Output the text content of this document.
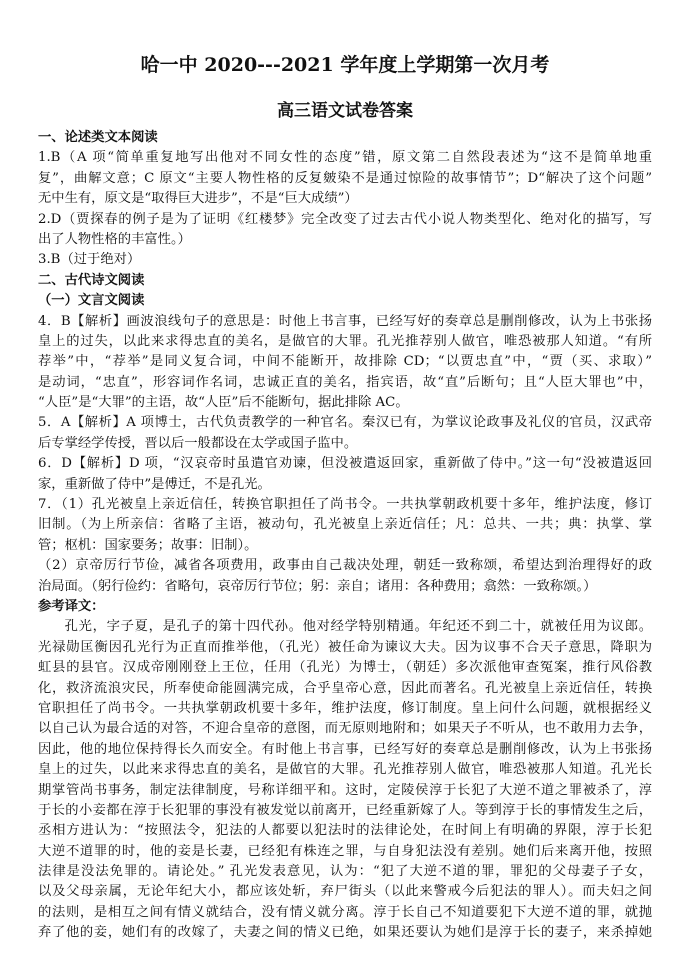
哈一中 2020---2021 学年度上学期第一次月考
高三语文试卷答案
一、论述类文本阅读
1.B（A 项“简单重复地写出他对不同女性的态度”错，原文第二自然段表述为“这不是简单地重
复”，曲解文意；C 原文“主要人物性格的反复皴染不是通过惊险的故事情节”；D“解决了这个问题”
无中生有，原文是“取得巨大进步”，不是“巨大成绩”）
2.D（贾探春的例子是为了证明《红楼梦》完全改变了过去古代小说人物类型化、绝对化的描写，写
出了人物性格的丰富性。）
3.B（过于绝对）
二、古代诗文阅读
（一）文言文阅读
4．B【解析】画波浪线句子的意思是：时他上书言事，已经写好的奏章总是删削修改，认为上书张扬
皇上的过失，以此来求得忠直的美名，是做官的大罪。孔光推荐别人做官，唯恐被那人知道。“有所
荐举”中，“荐举”是同义复合词，中间不能断开，故排除 CD；“以贾忠直”中，“贾（买、求取）”
是动词，“忠直”，形容词作名词，忠诚正直的美名，指宾语，故“直”后断句；且“人臣大罪也”中，
“人臣”是“大罪”的主语，故“人臣”后不能断句，据此排除 AC。
5．A【解析】A 项博士，古代负责教学的一种官名。秦汉已有，为掌议论政事及礼仪的官员，汉武帝
后专掌经学传授，晋以后一般都设在太学或国子监中。
6．D【解析】D 项，“汉哀帝时虽遣官劝谏，但没被遣返回家，重新做了侍中。”这一句“没被遣返回
家，重新做了侍中”是傅迁，不是孔光。
7．（1）孔光被皇上亲近信任，转换官职担任了尚书令。一共执掌朝政机要十多年，维护法度，修订
旧制。（为上所亲信：省略了主语，被动句，孔光被皇上亲近信任；凡：总共、一共；典：执掌、掌
管；枢机：国家要务；故事：旧制）。
（2）京帝厉行节俭，减省各项费用，政事由自己裁决处理，朝廷一致称颂，希望达到治理得好的政
治局面。（躬行俭约：省略句，哀帝厉行节位；躬：亲自；诸用：各种费用；翕然：一致称颂。）
参考译文：
孔光，字子夏，是孔子的第十四代孙。他对经学特别精通。年纪还不到二十，就被任用为议郎。
光禄勋匡衡因孔光行为正直而推举他，（孔光）被任命为谏议大夫。因为议事不合天子意思，降职为
虹县的县官。汉成帝刚刚登上王位，任用（孔光）为博士，（朝廷）多次派他审查冤案，推行风俗教
化，救济流浪灾民，所奉使命能圆满完成，合乎皇帝心意，因此而著名。孔光被皇上亲近信任，转换
官职担任了尚书令。一共执掌朝政机要十多年，维护法度，修订制度。皇上问什么问题，就根据经义
以自己认为最合适的对答，不迎合皇帝的意图，而无原则地附和；如果天子不听从，也不敢用力去争，
因此，他的地位保持得长久而安全。有时他上书言事，已经写好的奏章总是删削修改，认为上书张扬
皇上的过失，以此来求得忠直的美名，是做官的大罪。孔光推荐别人做官，唯恐被那人知道。孔光长
期掌管尚书事务，制定法律制度，号称详细平和。这时，定陵侯淳于长犯了大逆不道之罪被杀了，淳
于长的小妾都在淳于长犯罪的事没有被发觉以前离开，已经重新嫁了人。等到淳于长的事情发生之后，
丞相方进认为：“按照法令，犯法的人都要以犯法时的法律论处，在时间上有明确的界限，淳于长犯
大逆不道罪的时，他的妾是长妻，已经犯有株连之罪，与自身犯法没有差别。她们后来离开他，按照
法律是没法免罪的。请论处。” 孔光发表意见，认为：“犯了大逆不道的罪，罪犯的父母妻子子女，
以及父母亲属，无论年纪大小，都应该处斩，弃尸街头（以此来警戒今后犯法的罪人）。而夫妇之间
的法则，是相互之间有情义就结合，没有情义就分离。淳于长自己不知道要犯下大逆不道的罪，就抛
弃了他的妾，她们有的改嫁了，夫妻之间的情义已绝，如果还要认为她们是淳于长的妻子，来杀掉她
